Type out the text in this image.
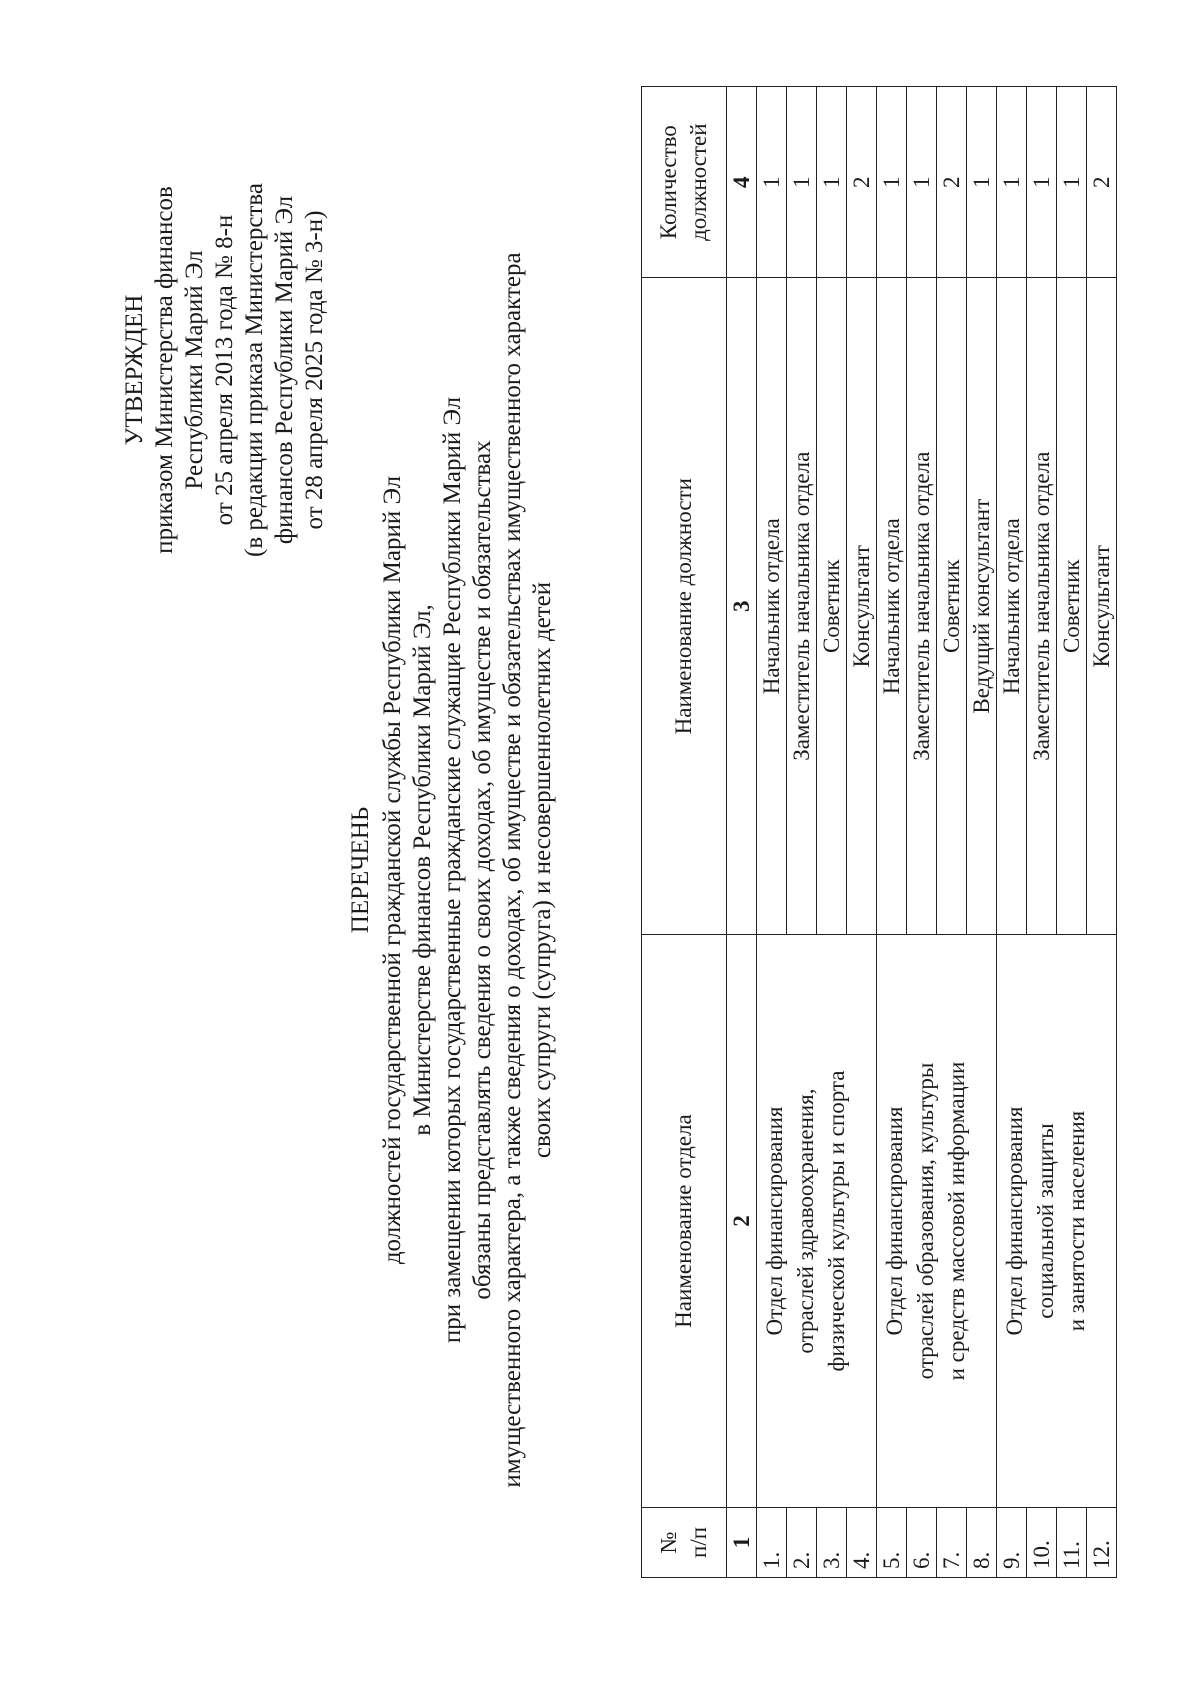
УТВЕРЖДЕН приказом Министерства финансов Республики Марий Эл от 25 апреля 2013 года № 8-н (в редакции приказа Министерства финансов Республики Марий Эл от 28 апреля 2025 года № 3-н)
ПЕРЕЧЕНЬ должностей государственной гражданской службы Республики Марий Эл в Министерстве финансов Республики Марий Эл, при замещении которых государственные гражданские служащие Республики Марий Эл обязаны представлять сведения о своих доходах, об имуществе и обязательствах имущественного характера, а также сведения о доходах, об имуществе и обязательствах имущественного характера своих супруги (супруга) и несовершеннолетних детей
№ п/п	Наименование отдела	Наименование должности	Количество должностей
1	2	3	4
1.	Отдел финансирования отраслей здравоохранения, физической культуры и спорта	Начальник отдела	1
2.		Заместитель начальника отдела	1
3.		Советник	1
4.		Консультант	2
5.	Отдел финансирования отраслей образования, культуры и средств массовой информации	Начальник отдела	1
6.		Заместитель начальника отдела	1
7.		Советник	2
8.		Ведущий консультант	1
9.	Отдел финансирования социальной защиты и занятости населения	Начальник отдела	1
10.		Заместитель начальника отдела	1
11.		Советник	1
12.		Консультант	2
